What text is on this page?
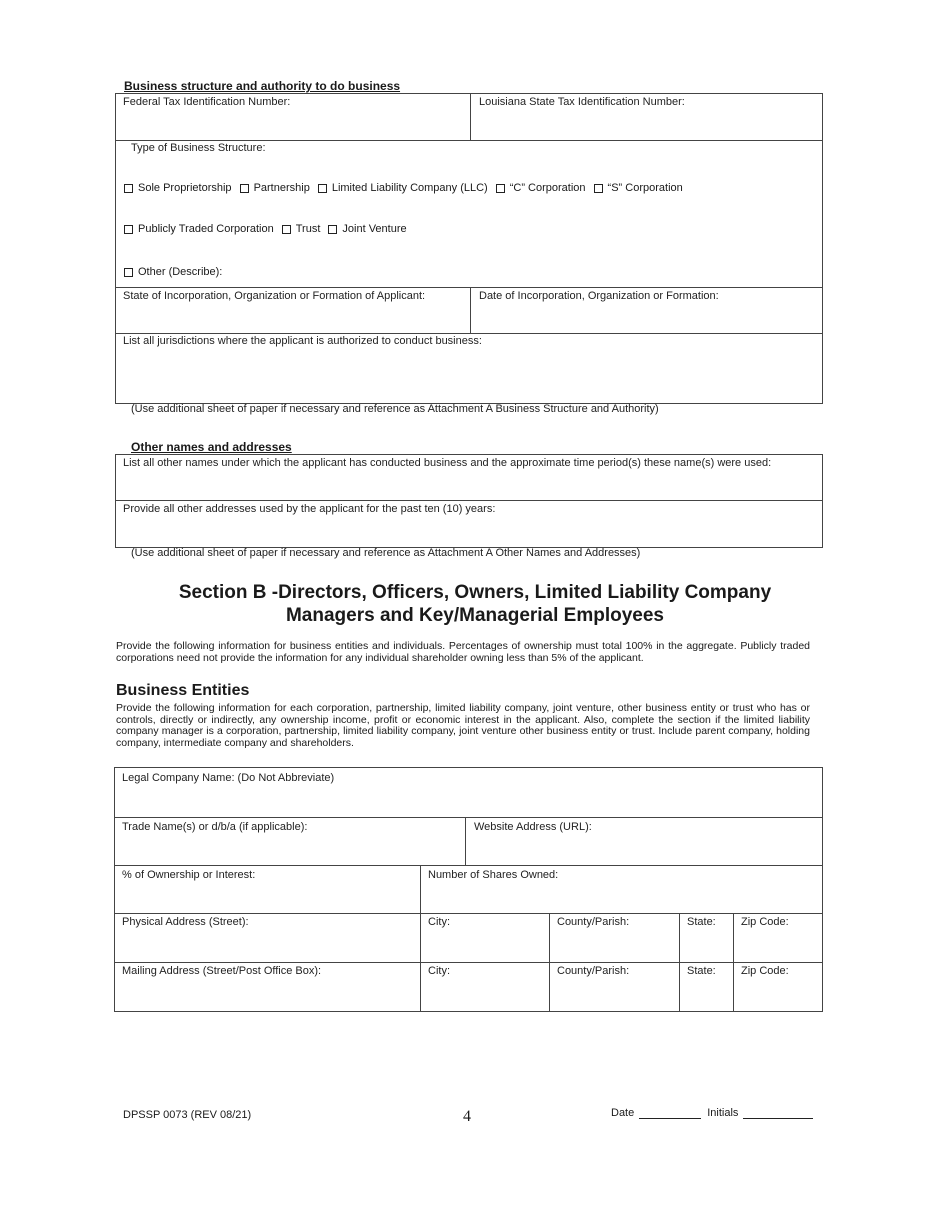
Business structure and authority to do business
Federal Tax Identification Number:	Louisiana State Tax Identification Number:
Type of Business Structure:
Sole Proprietorship Partnership Limited Liability Company (LLC) “C” Corporation “S” Corporation
Publicly Traded Corporation Trust Joint Venture
Other (Describe):
State of Incorporation, Organization or Formation of Applicant:	Date of Incorporation, Organization or Formation:
List all jurisdictions where the applicant is authorized to conduct business:
(Use additional sheet of paper if necessary and reference as Attachment A Business Structure and Authority)
Other names and addresses
List all other names under which the applicant has conducted business and the approximate time period(s) these name(s) were used:
Provide all other addresses used by the applicant for the past ten (10) years:
(Use additional sheet of paper if necessary and reference as Attachment A Other Names and Addresses)
Section B -Directors, Officers, Owners, Limited Liability Company
Managers and Key/Managerial Employees
Provide the following information for business entities and individuals. Percentages of ownership must total 100% in the aggregate. Publicly traded corporations need not provide the information for any individual shareholder owning less than 5% of the applicant.
Business Entities
Provide the following information for each corporation, partnership, limited liability company, joint venture, other business entity or trust who has or controls, directly or indirectly, any ownership income, profit or economic interest in the applicant. Also, complete the section if the limited liability company manager is a corporation, partnership, limited liability company, joint venture other business entity or trust. Include parent company, holding company, intermediate company and shareholders.
Legal Company Name: (Do Not Abbreviate)
Trade Name(s) or d/b/a (if applicable):	Website Address (URL):
% of Ownership or Interest:	Number of Shares Owned:
Physical Address (Street):	City:	County/Parish:	State: Zip Code:
Mailing Address (Street/Post Office Box):	City:	County/Parish:	State: Zip Code:
DPSSP 0073 (REV 08/21)	4	Date	Initials
